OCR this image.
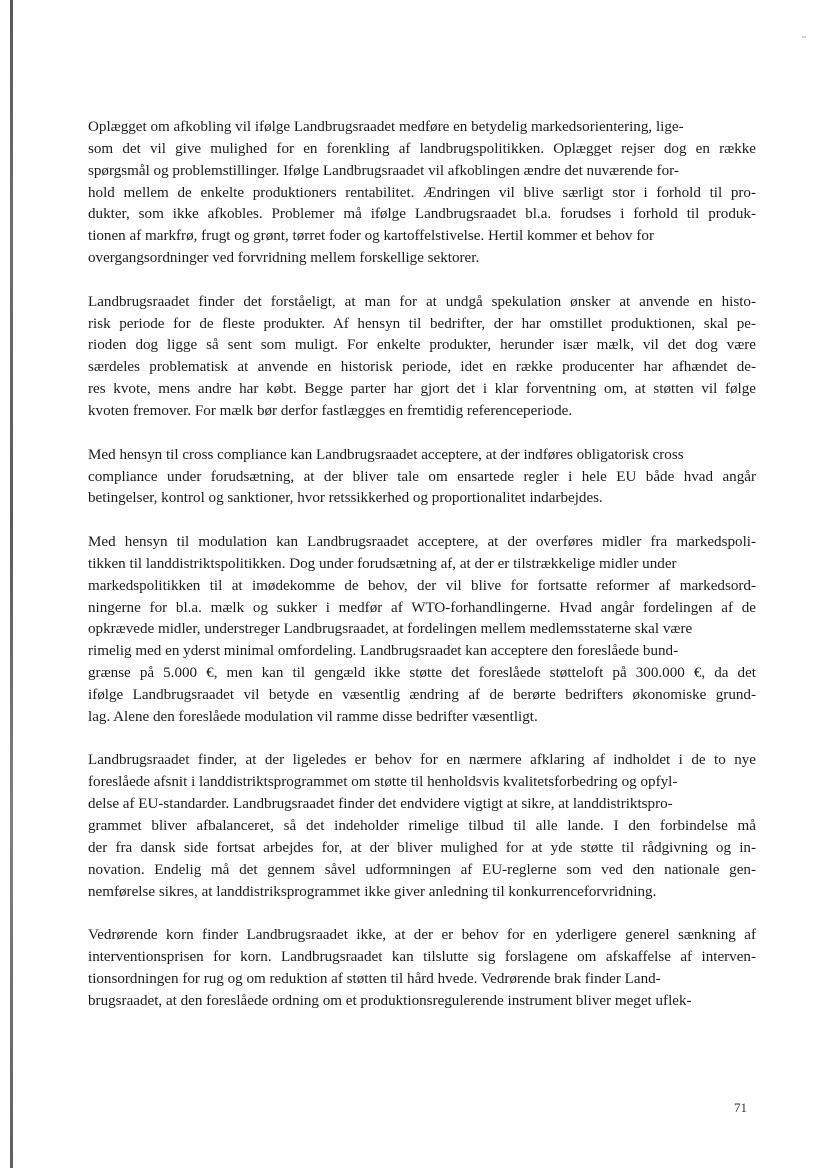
Oplægget om afkobling vil ifølge Landbrugsraadet medføre en betydelig markedsorientering, lige-
som det vil give mulighed for en forenkling af landbrugspolitikken. Oplægget rejser dog en række
spørgsmål og problemstillinger. Ifølge Landbrugsraadet vil afkoblingen ændre det nuværende for-
hold mellem de enkelte produktioners rentabilitet. Ændringen vil blive særligt stor i forhold til pro-
dukter, som ikke afkobles. Problemer må ifølge Landbrugsraadet bl.a. forudses i forhold til produk-
tionen af markfrø, frugt og grønt, tørret foder og kartoffelstivelse. Hertil kommer et behov for
overgangsordninger ved forvridning mellem forskellige sektorer.

Landbrugsraadet finder det forståeligt, at man for at undgå spekulation ønsker at anvende en histo-
risk periode for de fleste produkter. Af hensyn til bedrifter, der har omstillet produktionen, skal pe-
rioden dog ligge så sent som muligt. For enkelte produkter, herunder især mælk, vil det dog være
særdeles problematisk at anvende en historisk periode, idet en række producenter har afhændet de-
res kvote, mens andre har købt. Begge parter har gjort det i klar forventning om, at støtten vil følge
kvoten fremover. For mælk bør derfor fastlægges en fremtidig referenceperiode.

Med hensyn til cross compliance kan Landbrugsraadet acceptere, at der indføres obligatorisk cross
compliance under forudsætning, at der bliver tale om ensartede regler i hele EU både hvad angår
betingelser, kontrol og sanktioner, hvor retssikkerhed og proportionalitet indarbejdes.

Med hensyn til modulation kan Landbrugsraadet acceptere, at der overføres midler fra markedspoli-
tikken til landdistriktspolitikken. Dog under forudsætning af, at der er tilstrækkelige midler under
markedspolitikken til at imødekomme de behov, der vil blive for fortsatte reformer af markedsord-
ningerne for bl.a. mælk og sukker i medfør af WTO-forhandlingerne. Hvad angår fordelingen af de
opkrævede midler, understreger Landbrugsraadet, at fordelingen mellem medlemsstaterne skal være
rimelig med en yderst minimal omfordeling. Landbrugsraadet kan acceptere den foreslåede bund-
grænse på 5.000 €, men kan til gengæld ikke støtte det foreslåede støtteloft på 300.000 €, da det
ifølge Landbrugsraadet vil betyde en væsentlig ændring af de berørte bedrifters økonomiske grund-
lag. Alene den foreslåede modulation vil ramme disse bedrifter væsentligt.

Landbrugsraadet finder, at der ligeledes er behov for en nærmere afklaring af indholdet i de to nye
foreslåede afsnit i landdistriktsprogrammet om støtte til henholdsvis kvalitetsforbedring og opfyl-
delse af EU-standarder. Landbrugsraadet finder det endvidere vigtigt at sikre, at landdistriktspro-
grammet bliver afbalanceret, så det indeholder rimelige tilbud til alle lande. I den forbindelse må
der fra dansk side fortsat arbejdes for, at der bliver mulighed for at yde støtte til rådgivning og in-
novation. Endelig må det gennem såvel udformningen af EU-reglerne som ved den nationale gen-
nemførelse sikres, at landdistriksprogrammet ikke giver anledning til konkurrenceforvridning.

Vedrørende korn finder Landbrugsraadet ikke, at der er behov for en yderligere generel sænkning af
interventionsprisen for korn. Landbrugsraadet kan tilslutte sig forslagene om afskaffelse af interven-
tionsordningen for rug og om reduktion af støtten til hård hvede. Vedrørende brak finder Land-
brugsraadet, at den foreslåede ordning om et produktionsregulerende instrument bliver meget uflek-

71
